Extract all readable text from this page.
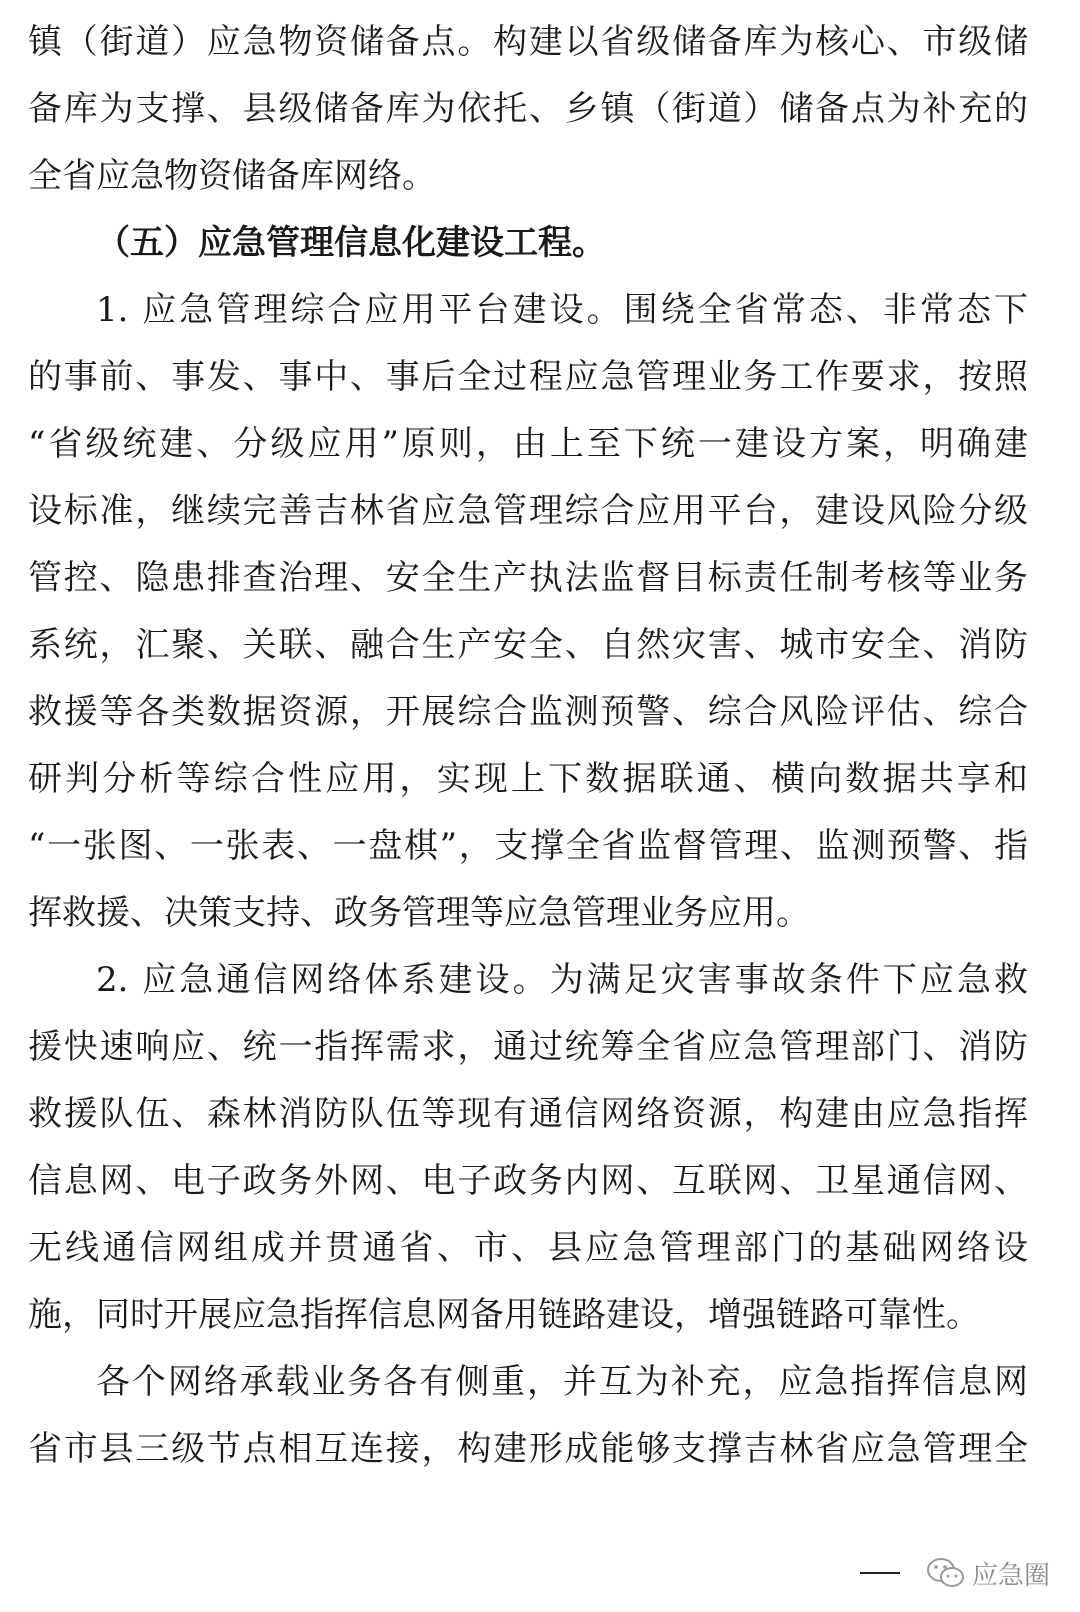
镇（街道）应急物资储备点。构建以省级储备库为核心、市级储
备库为支撑、县级储备库为依托、乡镇（街道）储备点为补充的
全省应急物资储备库网络。
（五）应急管理信息化建设工程。
1. 应急管理综合应用平台建设。围绕全省常态、非常态下
的事前、事发、事中、事后全过程应急管理业务工作要求，按照
“省级统建、分级应用”原则，由上至下统一建设方案，明确建
设标准，继续完善吉林省应急管理综合应用平台，建设风险分级
管控、隐患排查治理、安全生产执法监督目标责任制考核等业务
系统，汇聚、关联、融合生产安全、自然灾害、城市安全、消防
救援等各类数据资源，开展综合监测预警、综合风险评估、综合
研判分析等综合性应用，实现上下数据联通、横向数据共享和
“一张图、一张表、一盘棋”，支撑全省监督管理、监测预警、指
挥救援、决策支持、政务管理等应急管理业务应用。
2. 应急通信网络体系建设。为满足灾害事故条件下应急救
援快速响应、统一指挥需求，通过统筹全省应急管理部门、消防
救援队伍、森林消防队伍等现有通信网络资源，构建由应急指挥
信息网、电子政务外网、电子政务内网、互联网、卫星通信网、
无线通信网组成并贯通省、市、县应急管理部门的基础网络设
施，同时开展应急指挥信息网备用链路建设，增强链路可靠性。
各个网络承载业务各有侧重，并互为补充，应急指挥信息网
省市县三级节点相互连接，构建形成能够支撑吉林省应急管理全
应急圈
